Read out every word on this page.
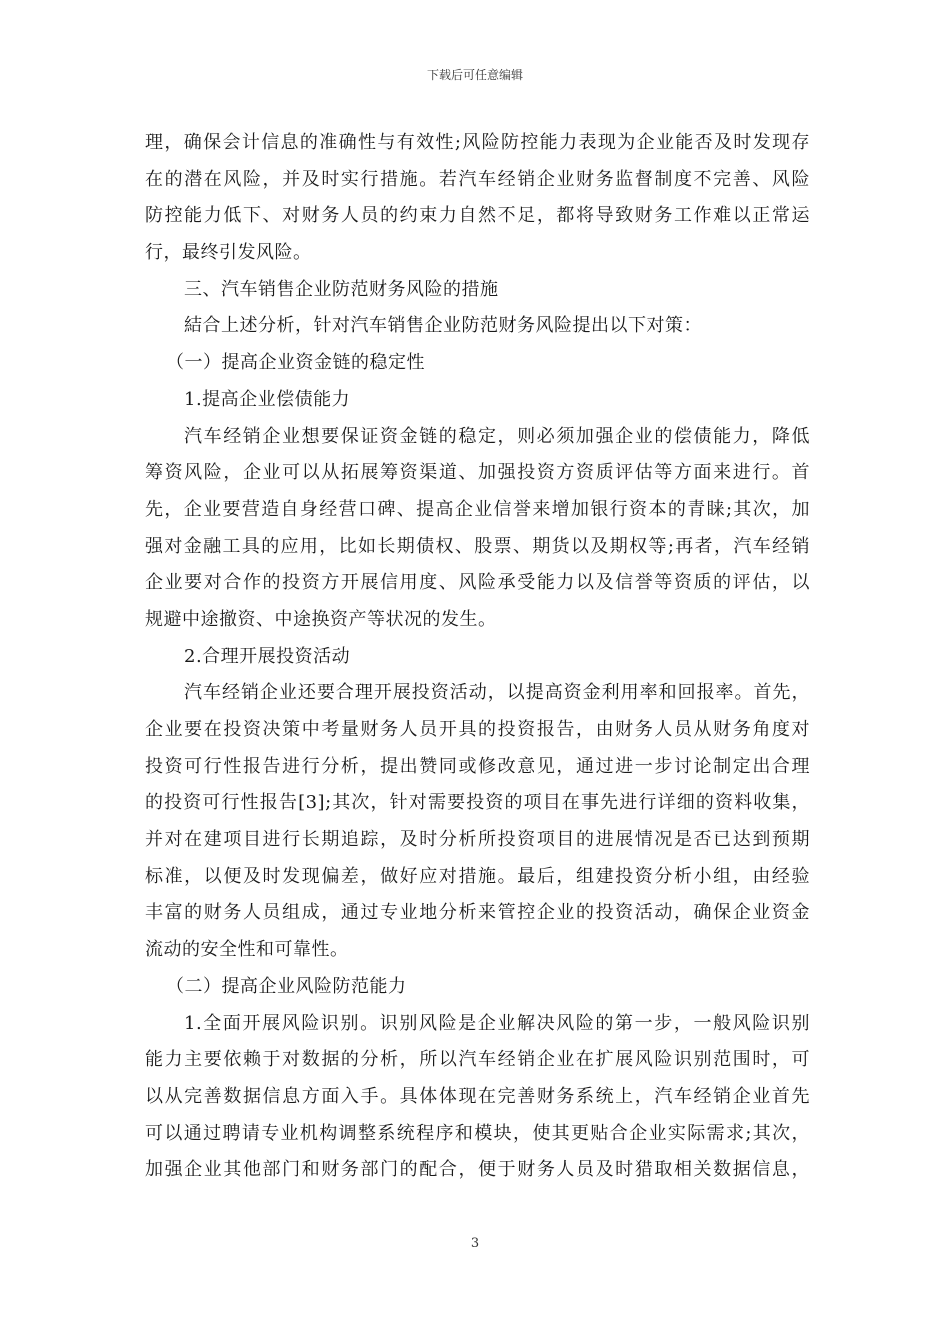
下载后可任意编辑
理，确保会计信息的准确性与有效性;风险防控能力表现为企业能否及时发现存
在的潜在风险，并及时实行措施。若汽车经销企业财务监督制度不完善、风险
防控能力低下、对财务人员的约束力自然不足，都将导致财务工作难以正常运
行，最终引发风险。
三、汽车销售企业防范财务风险的措施
結合上述分析，针对汽车销售企业防范财务风险提出以下对策：
（一）提高企业资金链的稳定性
1.提高企业偿债能力
汽车经销企业想要保证资金链的稳定，则必须加强企业的偿债能力，降低
筹资风险，企业可以从拓展筹资渠道、加强投资方资质评估等方面来进行。首
先，企业要营造自身经营口碑、提高企业信誉来增加银行资本的青睐;其次，加
强对金融工具的应用，比如长期债权、股票、期货以及期权等;再者，汽车经销
企业要对合作的投资方开展信用度、风险承受能力以及信誉等资质的评估，以
规避中途撤资、中途换资产等状况的发生。
2.合理开展投资活动
汽车经销企业还要合理开展投资活动，以提高资金利用率和回报率。首先，
企业要在投资决策中考量财务人员开具的投资报告，由财务人员从财务角度对
投资可行性报告进行分析，提出赞同或修改意见，通过进一步讨论制定出合理
的投资可行性报告[3];其次，针对需要投资的项目在事先进行详细的资料收集，
并对在建项目进行长期追踪，及时分析所投资项目的进展情况是否已达到预期
标准，以便及时发现偏差，做好应对措施。最后，组建投资分析小组，由经验
丰富的财务人员组成，通过专业地分析来管控企业的投资活动，确保企业资金
流动的安全性和可靠性。
（二）提高企业风险防范能力
1.全面开展风险识别。识别风险是企业解决风险的第一步，一般风险识别
能力主要依赖于对数据的分析，所以汽车经销企业在扩展风险识别范围时，可
以从完善数据信息方面入手。具体体现在完善财务系统上，汽车经销企业首先
可以通过聘请专业机构调整系统程序和模块，使其更贴合企业实际需求;其次，
加强企业其他部门和财务部门的配合，便于财务人员及时猎取相关数据信息，
3
